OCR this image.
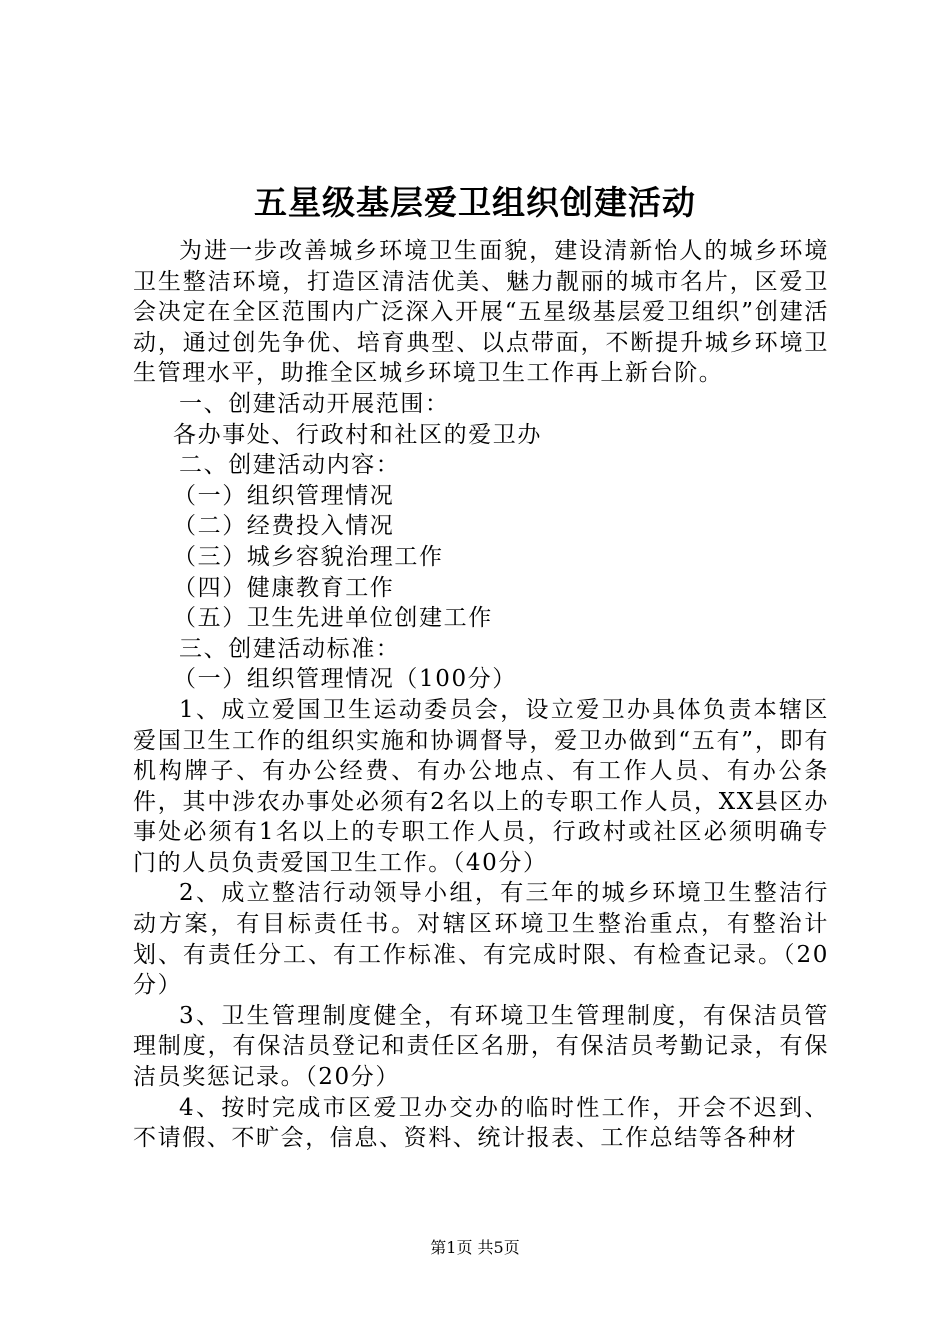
五星级基层爱卫组织创建活动

为进一步改善城乡环境卫生面貌，建设清新怡人的城乡环境卫生整洁环境，打造区清洁优美、魅力靓丽的城市名片，区爱卫会决定在全区范围内广泛深入开展“五星级基层爱卫组织”创建活动，通过创先争优、培育典型、以点带面，不断提升城乡环境卫生管理水平，助推全区城乡环境卫生工作再上新台阶。

一、创建活动开展范围：

各办事处、行政村和社区的爱卫办

二、创建活动内容：

（一）组织管理情况

（二）经费投入情况

（三）城乡容貌治理工作

（四）健康教育工作

（五）卫生先进单位创建工作

三、创建活动标准：

（一）组织管理情况（100分）

1、成立爱国卫生运动委员会，设立爱卫办具体负责本辖区爱国卫生工作的组织实施和协调督导，爱卫办做到“五有”，即有机构牌子、有办公经费、有办公地点、有工作人员、有办公条件，其中涉农办事处必须有2名以上的专职工作人员，XX县区办事处必须有1名以上的专职工作人员，行政村或社区必须明确专门的人员负责爱国卫生工作。（40分）

2、成立整洁行动领导小组，有三年的城乡环境卫生整洁行动方案，有目标责任书。对辖区环境卫生整治重点，有整治计划、有责任分工、有工作标准、有完成时限、有检查记录。（20分）

3、卫生管理制度健全，有环境卫生管理制度，有保洁员管理制度，有保洁员登记和责任区名册，有保洁员考勤记录，有保洁员奖惩记录。（20分）

4、按时完成市区爱卫办交办的临时性工作，开会不迟到、不请假、不旷会，信息、资料、统计报表、工作总结等各种材

第1页 共5页
